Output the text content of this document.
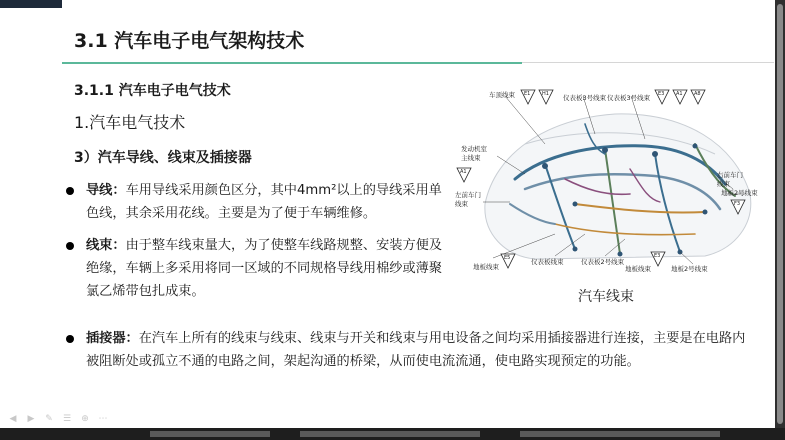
3.1 汽车电子电气架构技术
3.1.1 汽车电子电气技术
1.汽车电气技术
3）汽车导线、线束及插接器
导线：车用导线采用颜色区分，其中4mm²以上的导线采用单色线，其余采用花线。主要是为了便于车辆维修。
线束：由于整车线束量大，为了使整车线路规整、安装方便及绝缘，车辆上多采用将同一区域的不同规格导线用棉纱或薄聚氯乙烯带包扎成束。
插接器：在汽车上所有的线束与线束、线束与开关和线束与用电设备之间均采用插接器进行连接，主要是在电路内被阻断处或孤立不通的电路之间，架起沟通的桥梁，从而使电流流通，使电路实现预定的功能。
车顶线束	仪表板3号线束 仪表板3号线束
发动机室
主线束
左前车门
线束
右前车门
线束
地板2号线束
地板线束
仪表板线束	仪表板2号线束
地板线束	地板2号线束
E1 H1	E3 A1 A8
A1
F3
E5	E3
汽车线束
◀	▶	✎	☰	⊕	⋯
